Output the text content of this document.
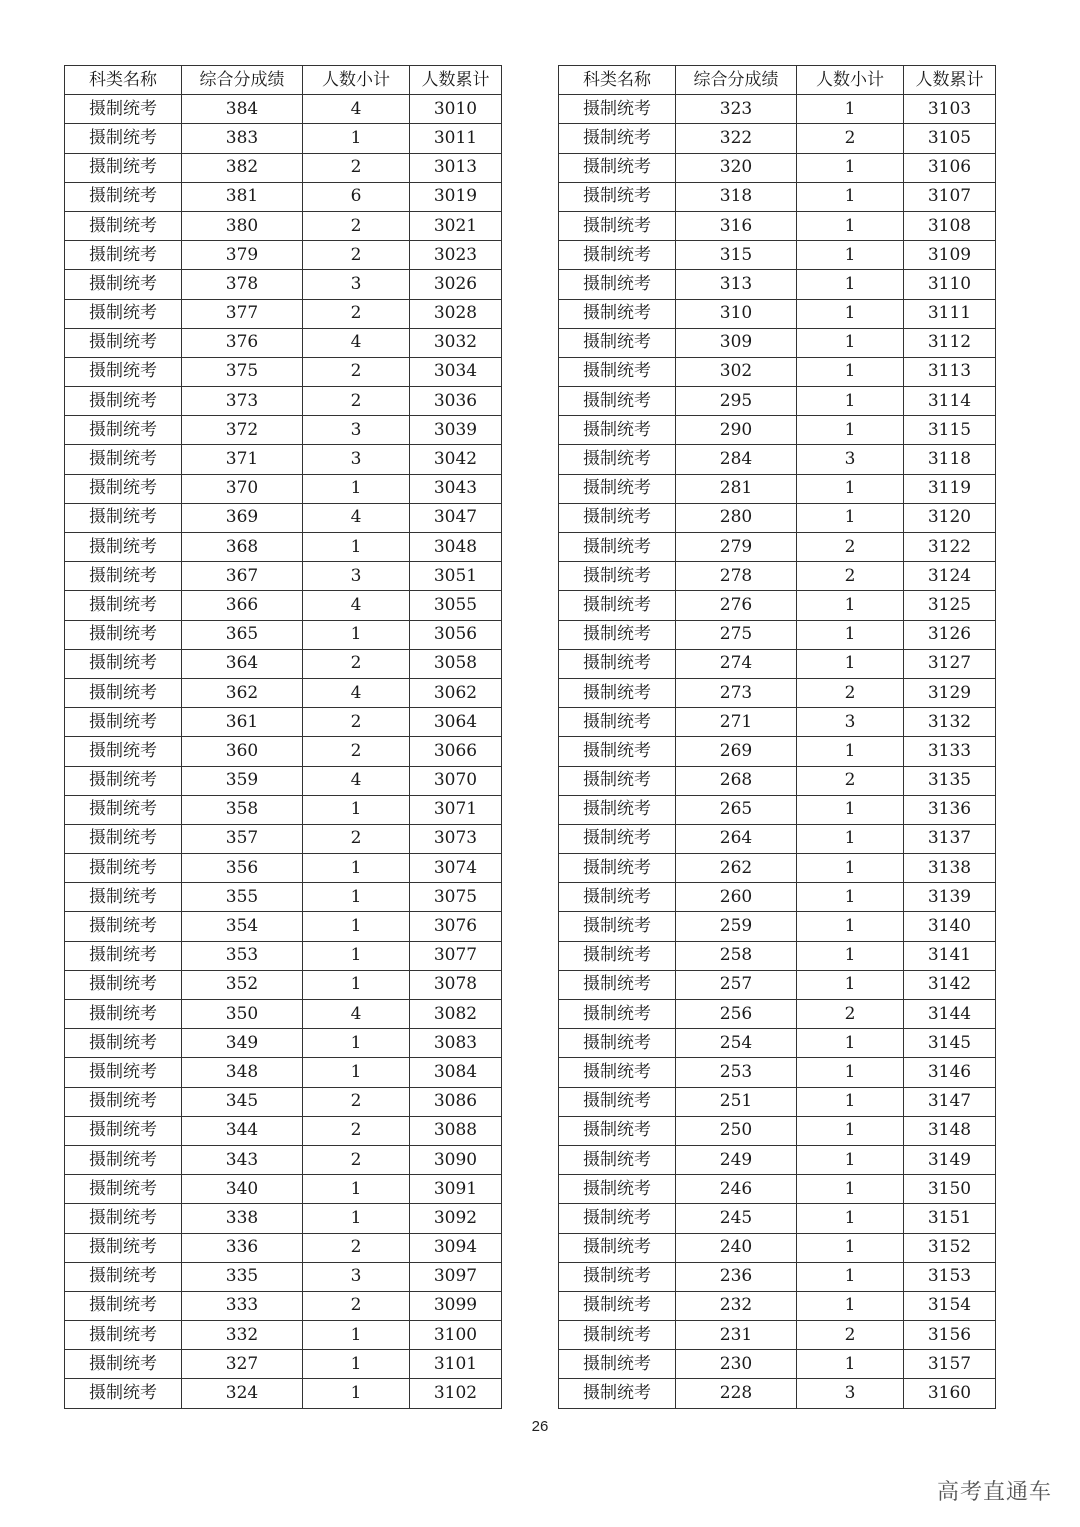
科类名称	综合分成绩	人数小计	人数累计
摄制统考	384	4	3010
摄制统考	383	1	3011
摄制统考	382	2	3013
摄制统考	381	6	3019
摄制统考	380	2	3021
摄制统考	379	2	3023
摄制统考	378	3	3026
摄制统考	377	2	3028
摄制统考	376	4	3032
摄制统考	375	2	3034
摄制统考	373	2	3036
摄制统考	372	3	3039
摄制统考	371	3	3042
摄制统考	370	1	3043
摄制统考	369	4	3047
摄制统考	368	1	3048
摄制统考	367	3	3051
摄制统考	366	4	3055
摄制统考	365	1	3056
摄制统考	364	2	3058
摄制统考	362	4	3062
摄制统考	361	2	3064
摄制统考	360	2	3066
摄制统考	359	4	3070
摄制统考	358	1	3071
摄制统考	357	2	3073
摄制统考	356	1	3074
摄制统考	355	1	3075
摄制统考	354	1	3076
摄制统考	353	1	3077
摄制统考	352	1	3078
摄制统考	350	4	3082
摄制统考	349	1	3083
摄制统考	348	1	3084
摄制统考	345	2	3086
摄制统考	344	2	3088
摄制统考	343	2	3090
摄制统考	340	1	3091
摄制统考	338	1	3092
摄制统考	336	2	3094
摄制统考	335	3	3097
摄制统考	333	2	3099
摄制统考	332	1	3100
摄制统考	327	1	3101
摄制统考	324	1	3102
科类名称	综合分成绩	人数小计	人数累计
摄制统考	323	1	3103
摄制统考	322	2	3105
摄制统考	320	1	3106
摄制统考	318	1	3107
摄制统考	316	1	3108
摄制统考	315	1	3109
摄制统考	313	1	3110
摄制统考	310	1	3111
摄制统考	309	1	3112
摄制统考	302	1	3113
摄制统考	295	1	3114
摄制统考	290	1	3115
摄制统考	284	3	3118
摄制统考	281	1	3119
摄制统考	280	1	3120
摄制统考	279	2	3122
摄制统考	278	2	3124
摄制统考	276	1	3125
摄制统考	275	1	3126
摄制统考	274	1	3127
摄制统考	273	2	3129
摄制统考	271	3	3132
摄制统考	269	1	3133
摄制统考	268	2	3135
摄制统考	265	1	3136
摄制统考	264	1	3137
摄制统考	262	1	3138
摄制统考	260	1	3139
摄制统考	259	1	3140
摄制统考	258	1	3141
摄制统考	257	1	3142
摄制统考	256	2	3144
摄制统考	254	1	3145
摄制统考	253	1	3146
摄制统考	251	1	3147
摄制统考	250	1	3148
摄制统考	249	1	3149
摄制统考	246	1	3150
摄制统考	245	1	3151
摄制统考	240	1	3152
摄制统考	236	1	3153
摄制统考	232	1	3154
摄制统考	231	2	3156
摄制统考	230	1	3157
摄制统考	228	3	3160
26
高考直通车
